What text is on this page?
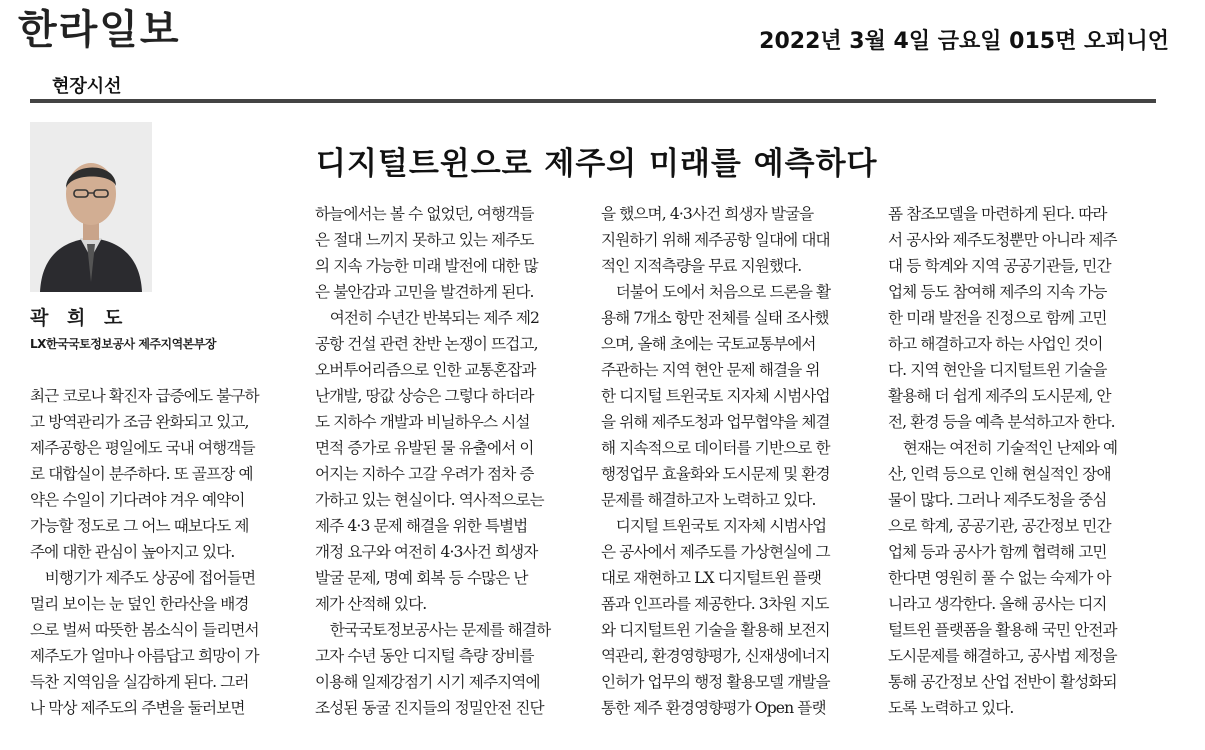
한라일보	2022년 3월 4일 금요일 015면 오피니언
현장시선
곽 희 도
LX한국국토정보공사 제주지역본부장
디지털트윈으로 제주의 미래를 예측하다

최근 코로나 확진자 급증에도 불구하

고 방역관리가 조금 완화되고 있고,

제주공항은 평일에도 국내 여행객들

로 대합실이 분주하다. 또 골프장 예

약은 수일이 기다려야 겨우 예약이

가능할 정도로 그 어느 때보다도 제

주에 대한 관심이 높아지고 있다.

　비행기가 제주도 상공에 접어들면

멀리 보이는 눈 덮인 한라산을 배경

으로 벌써 따뜻한 봄소식이 들리면서

제주도가 얼마나 아름답고 희망이 가

득찬 지역임을 실감하게 된다. 그러

나 막상 제주도의 주변을 둘러보면

하늘에서는 볼 수 없었던, 여행객들

은 절대 느끼지 못하고 있는 제주도

의 지속 가능한 미래 발전에 대한 많

은 불안감과 고민을 발견하게 된다.

　여전히 수년간 반복되는 제주 제2

공항 건설 관련 찬반 논쟁이 뜨겁고,

오버투어리즘으로 인한 교통혼잡과

난개발, 땅값 상승은 그렇다 하더라

도 지하수 개발과 비닐하우스 시설

면적 증가로 유발된 물 유출에서 이

어지는 지하수 고갈 우려가 점차 증

가하고 있는 현실이다. 역사적으로는

제주 4·3 문제 해결을 위한 특별법

개정 요구와 여전히 4·3사건 희생자

발굴 문제, 명예 회복 등 수많은 난

제가 산적해 있다.

　한국국토정보공사는 문제를 해결하

고자 수년 동안 디지털 측량 장비를

이용해 일제강점기 시기 제주지역에

조성된 동굴 진지들의 정밀안전 진단

을 했으며, 4·3사건 희생자 발굴을

지원하기 위해 제주공항 일대에 대대

적인 지적측량을 무료 지원했다.

　더불어 도에서 처음으로 드론을 활

용해 7개소 항만 전체를 실태 조사했

으며, 올해 초에는 국토교통부에서

주관하는 지역 현안 문제 해결을 위

한 디지털 트윈국토 지자체 시범사업

을 위해 제주도청과 업무협약을 체결

해 지속적으로 데이터를 기반으로 한

행정업무 효율화와 도시문제 및 환경

문제를 해결하고자 노력하고 있다.

　디지털 트윈국토 지자체 시범사업

은 공사에서 제주도를 가상현실에 그

대로 재현하고 LX 디지털트윈 플랫

폼과 인프라를 제공한다. 3차원 지도

와 디지털트윈 기술을 활용해 보전지

역관리, 환경영향평가, 신재생에너지

인허가 업무의 행정 활용모델 개발을

통한 제주 환경영향평가 Open 플랫

폼 참조모델을 마련하게 된다. 따라

서 공사와 제주도청뿐만 아니라 제주

대 등 학계와 지역 공공기관들, 민간

업체 등도 참여해 제주의 지속 가능

한 미래 발전을 진정으로 함께 고민

하고 해결하고자 하는 사업인 것이

다. 지역 현안을 디지털트윈 기술을

활용해 더 쉽게 제주의 도시문제, 안

전, 환경 등을 예측 분석하고자 한다.

　현재는 여전히 기술적인 난제와 예

산, 인력 등으로 인해 현실적인 장애

물이 많다. 그러나 제주도청을 중심

으로 학계, 공공기관, 공간정보 민간

업체 등과 공사가 함께 협력해 고민

한다면 영원히 풀 수 없는 숙제가 아

니라고 생각한다. 올해 공사는 디지

털트윈 플랫폼을 활용해 국민 안전과

도시문제를 해결하고, 공사법 제정을

통해 공간정보 산업 전반이 활성화되

도록 노력하고 있다.
